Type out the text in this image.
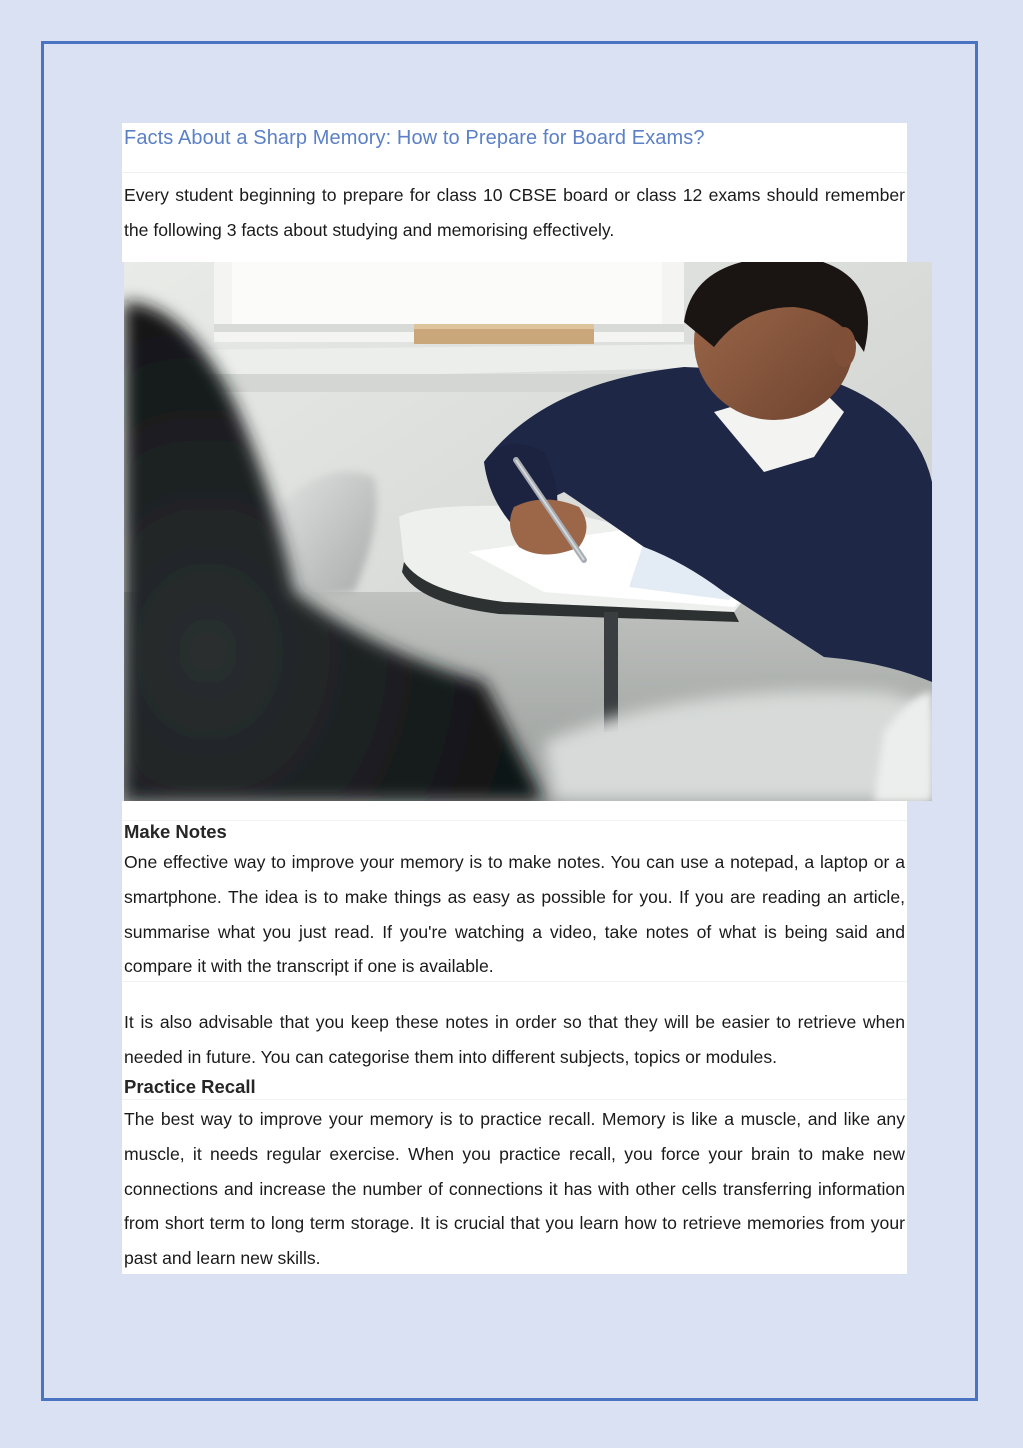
Facts About a Sharp Memory: How to Prepare for Board Exams?

Every student beginning to prepare for class 10 CBSE board or class 12 exams should remember the following 3 facts about studying and memorising effectively.

Make Notes

One effective way to improve your memory is to make notes. You can use a notepad, a laptop or a smartphone. The idea is to make things as easy as possible for you. If you are reading an article, summarise what you just read. If you're watching a video, take notes of what is being said and compare it with the transcript if one is available.

It is also advisable that you keep these notes in order so that they will be easier to retrieve when needed in future. You can categorise them into different subjects, topics or modules.

Practice Recall

The best way to improve your memory is to practice recall. Memory is like a muscle, and like any muscle, it needs regular exercise. When you practice recall, you force your brain to make new connections and increase the number of connections it has with other cells transferring information from short term to long term storage. It is crucial that you learn how to retrieve memories from your past and learn new skills.
